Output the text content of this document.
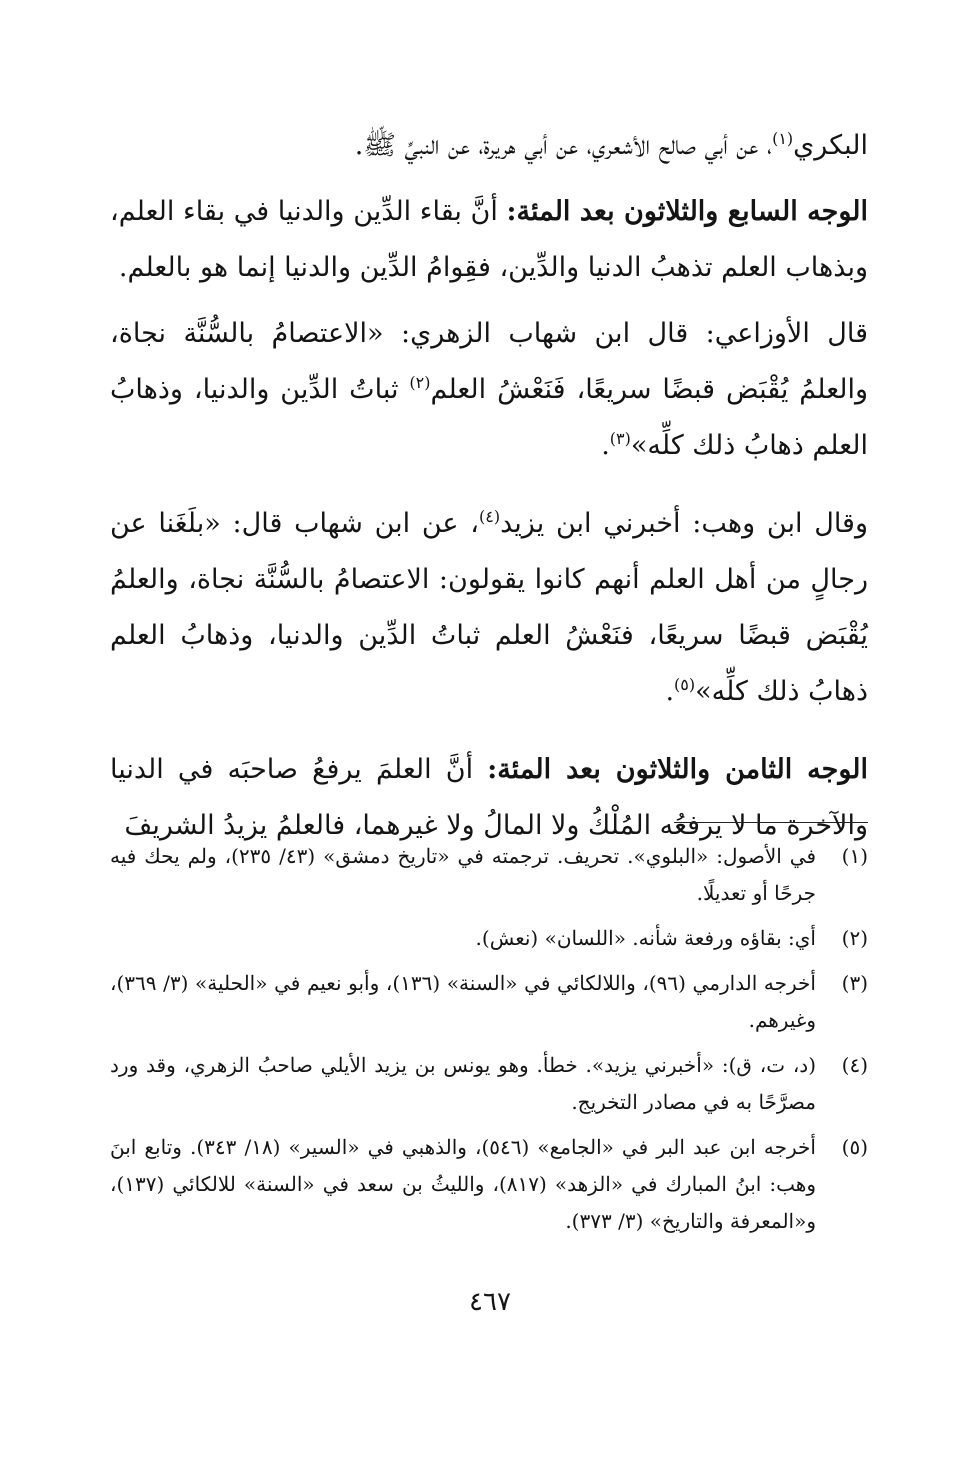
البكري$^{(١)}$، عن أبي صالح الأشعري، عن أبي هريرة، عن النبيِّ ﷺ.

الوجه السابع والثلاثون بعد المئة: أنَّ بقاء الدِّين والدنيا في بقاء العلم، وبذهاب العلم تذهبُ الدنيا والدِّين، فقِوامُ الدِّين والدنيا إنما هو بالعلم.

قال الأوزاعي: قال ابن شهاب الزهري: «الاعتصامُ بالسُّنَّة نجاة، والعلمُ يُقْبَض قبضًا سريعًا، فَنَعْشُ العلم$^{(٢)}$ ثباتُ الدِّين والدنيا، وذهابُ العلم ذهابُ ذلك كلِّه»$^{(٣)}$.

وقال ابن وهب: أخبرني ابن يزيد$^{(٤)}$، عن ابن شهاب قال: «بلَغَنا عن رجالٍ من أهل العلم أنهم كانوا يقولون: الاعتصامُ بالسُّنَّة نجاة، والعلمُ يُقْبَض قبضًا سريعًا، فنَعْشُ العلم ثباتُ الدِّين والدنيا، وذهابُ العلم ذهابُ ذلك كلِّه»$^{(٥)}$.

الوجه الثامن والثلاثون بعد المئة: أنَّ العلمَ يرفعُ صاحبَه في الدنيا والآخرة ما لا يرفعُه المُلْكُ ولا المالُ ولا غيرهما، فالعلمُ يزيدُ الشريفَ

(١)
في الأصول: «البلوي». تحريف. ترجمته في «تاريخ دمشق» (٤٣/ ٢٣٥)، ولم يحك فيه جرحًا أو تعديلًا.
(٢)
أي: بقاؤه ورفعة شأنه. «اللسان» (نعش).
(٣)
أخرجه الدارمي (٩٦)، واللالكائي في «السنة» (١٣٦)، وأبو نعيم في «الحلية» (٣/ ٣٦٩)، وغيرهم.
(٤)
(د، ت، ق): «أخبرني يزيد». خطأ. وهو يونس بن يزيد الأيلي صاحبُ الزهري، وقد ورد مصرَّحًا به في مصادر التخريج.
(٥)
أخرجه ابن عبد البر في «الجامع» (٥٤٦)، والذهبي في «السير» (١٨/ ٣٤٣). وتابع ابنَ وهب: ابنُ المبارك في «الزهد» (٨١٧)، والليثُ بن سعد في «السنة» للالكائي (١٣٧)، و«المعرفة والتاريخ» (٣/ ٣٧٣).
٤٦٧
